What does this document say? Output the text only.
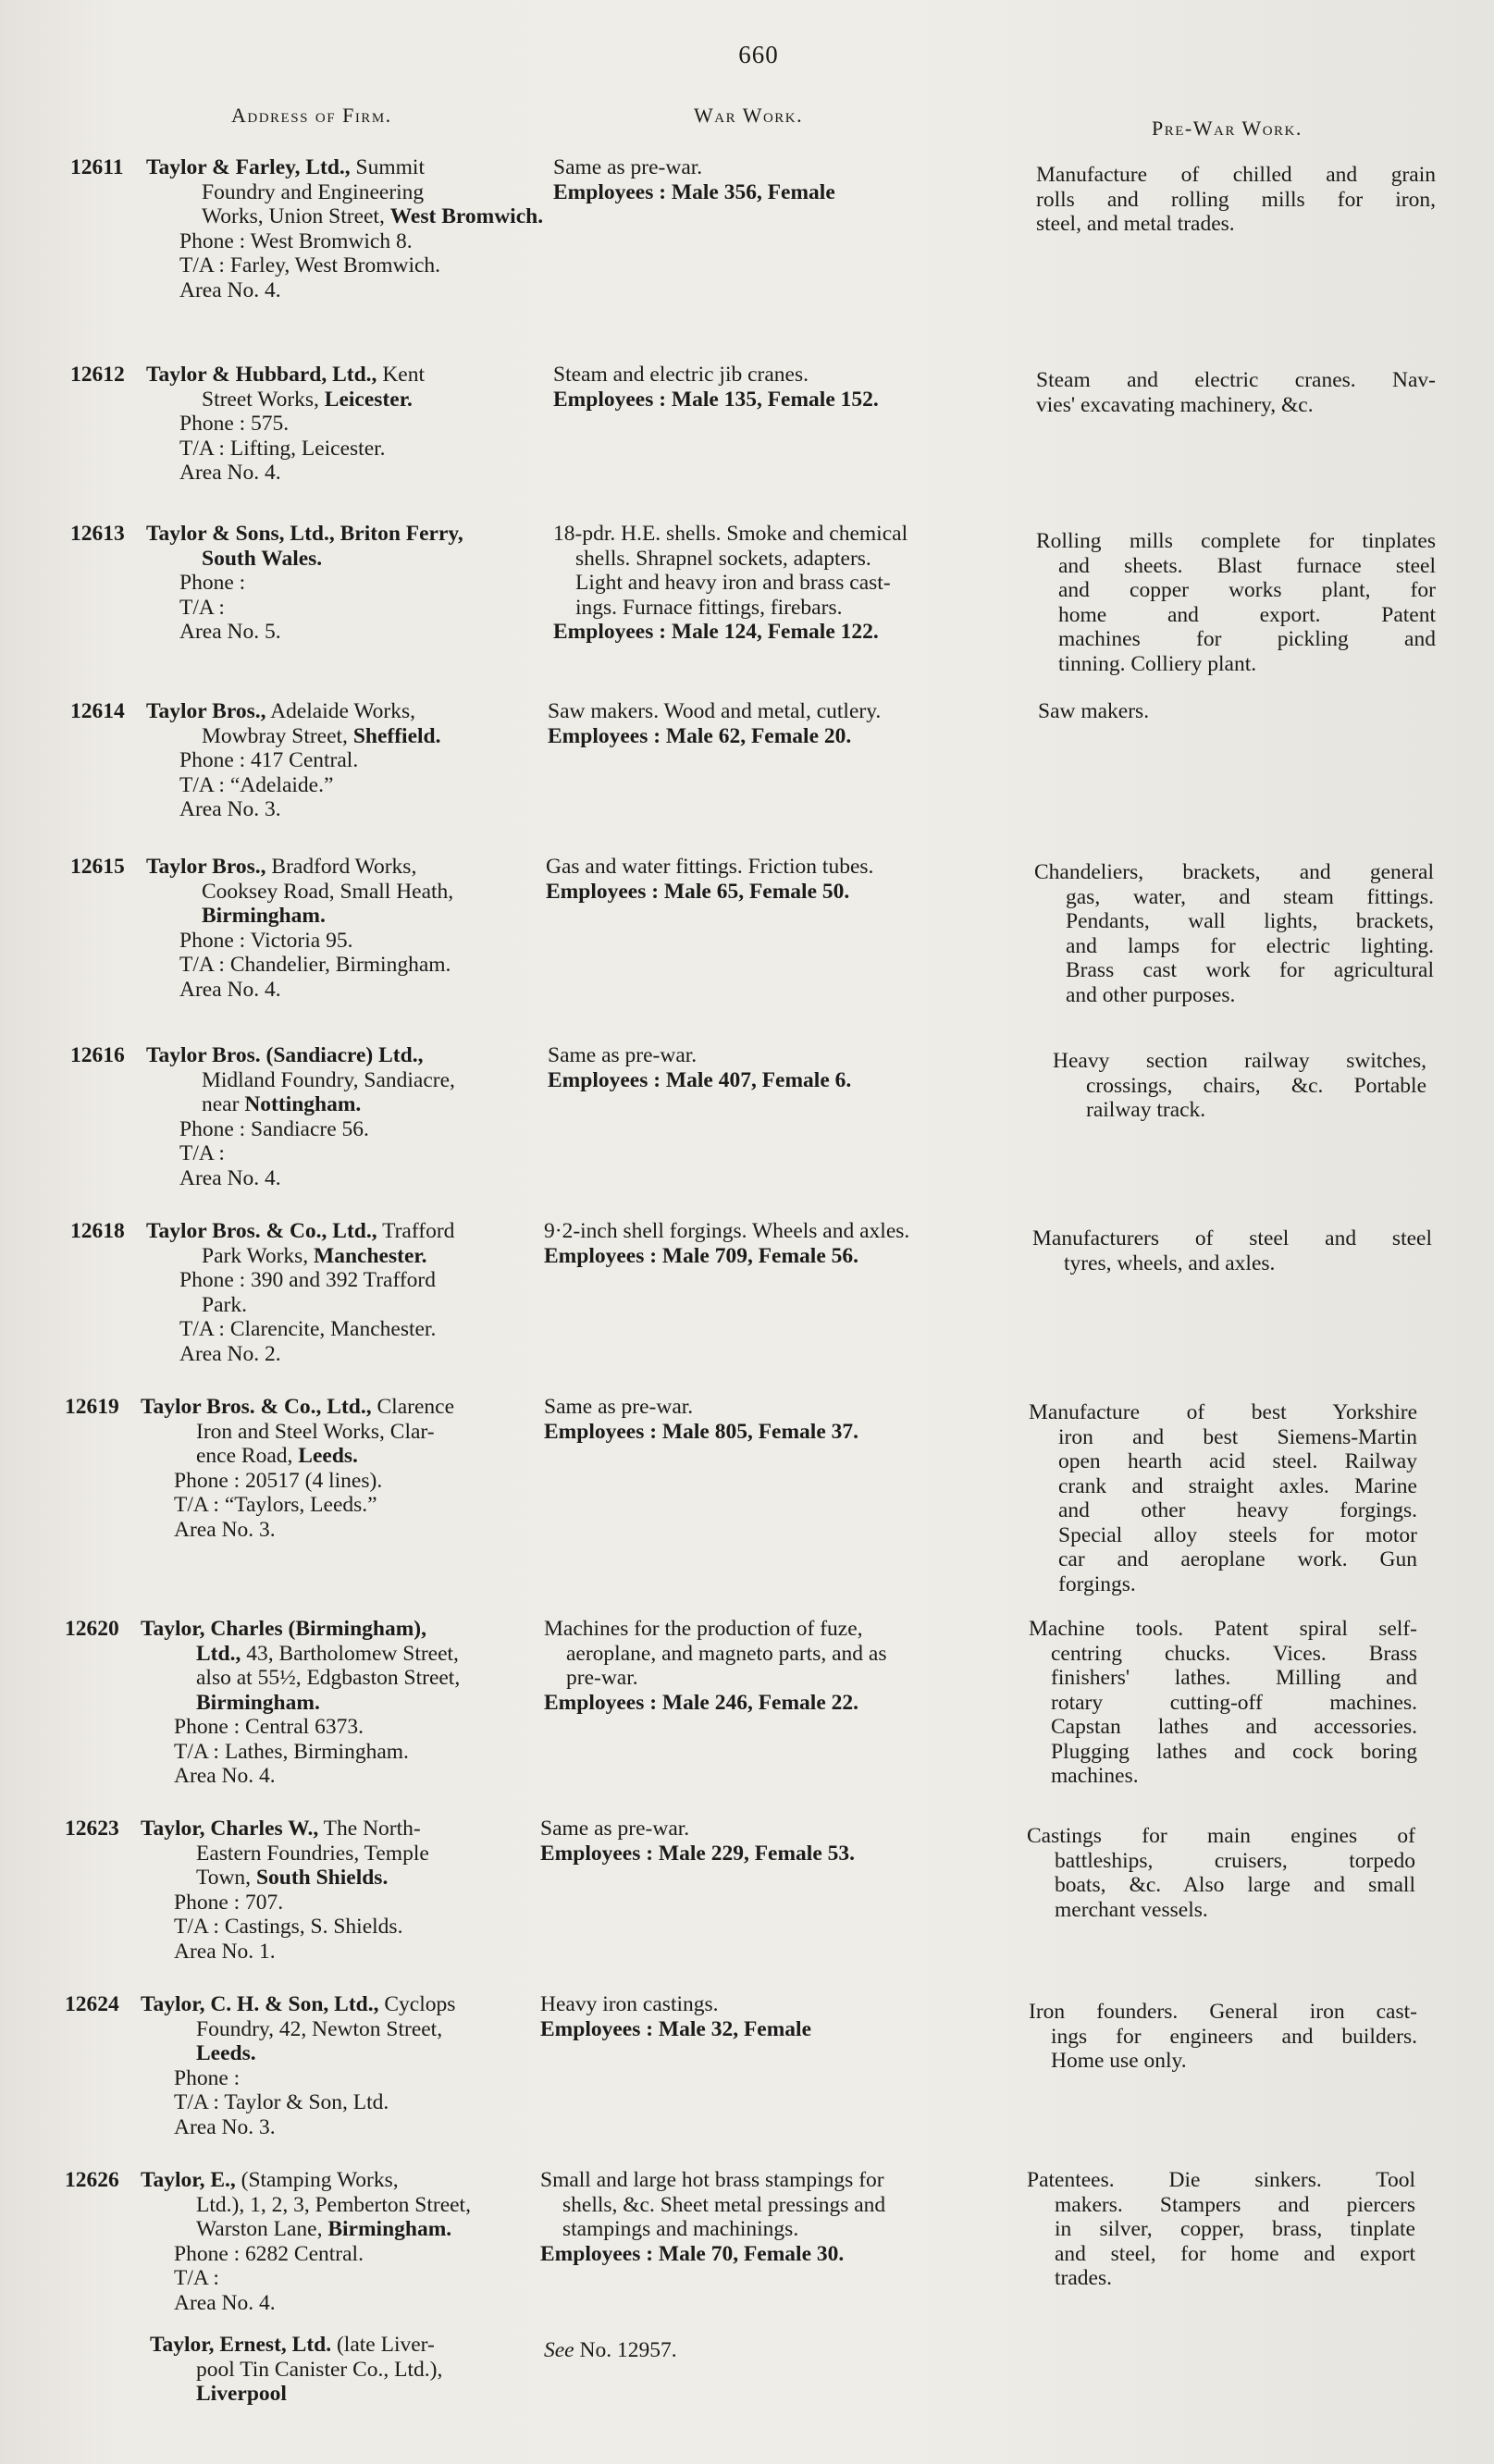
660
Address of Firm.	War Work.
Pre-War Work.
12611 Taylor & Farley, Ltd., Summit
Foundry and Engineering
Works, Union Street, West Bromwich.
Phone : West Bromwich 8.
T/A : Farley, West Bromwich.
Area No. 4.
Same as pre-war.
Employees : Male 356, Female
Manufacture of chilled and grain
rolls and rolling mills for iron,
steel, and metal trades.
12612 Taylor & Hubbard, Ltd., Kent
Street Works, Leicester.
Phone : 575.
T/A : Lifting, Leicester.
Area No. 4.
Steam and electric jib cranes.
Employees : Male 135, Female 152.
Steam and electric cranes. Nav-
vies' excavating machinery, &c.
12613 Taylor & Sons, Ltd., Briton Ferry,
South Wales.
Phone :
T/A :
Area No. 5.
18-pdr. H.E. shells. Smoke and chemical
shells. Shrapnel sockets, adapters.
Light and heavy iron and brass cast-
ings. Furnace fittings, firebars.
Employees : Male 124, Female 122.
Rolling mills complete for tinplates
and sheets. Blast furnace steel
and copper works plant, for
home and export. Patent
machines for pickling and
tinning. Colliery plant.
12614 Taylor Bros., Adelaide Works,
Mowbray Street, Sheffield.
Phone : 417 Central.
T/A : “Adelaide.”
Area No. 3.
Saw makers. Wood and metal, cutlery.
Employees : Male 62, Female 20.
Saw makers.
12615 Taylor Bros., Bradford Works,
Cooksey Road, Small Heath,
Birmingham.
Phone : Victoria 95.
T/A : Chandelier, Birmingham.
Area No. 4.
Gas and water fittings. Friction tubes.
Employees : Male 65, Female 50.
Chandeliers, brackets, and general
gas, water, and steam fittings.
Pendants, wall lights, brackets,
and lamps for electric lighting.
Brass cast work for agricultural
and other purposes.
12616 Taylor Bros. (Sandiacre) Ltd.,
Midland Foundry, Sandiacre,
near Nottingham.
Phone : Sandiacre 56.
T/A :
Area No. 4.
Same as pre-war.
Employees : Male 407, Female 6.
Heavy section railway switches,
crossings, chairs, &c. Portable
railway track.
12618 Taylor Bros. & Co., Ltd., Trafford
Park Works, Manchester.
Phone : 390 and 392 Trafford
Park.
T/A : Clarencite, Manchester.
Area No. 2.
9·2-inch shell forgings. Wheels and axles.
Employees : Male 709, Female 56.
Manufacturers of steel and steel
tyres, wheels, and axles.
12619 Taylor Bros. & Co., Ltd., Clarence
Iron and Steel Works, Clar-
ence Road, Leeds.
Phone : 20517 (4 lines).
T/A : “Taylors, Leeds.”
Area No. 3.
Same as pre-war.
Employees : Male 805, Female 37.
Manufacture of best Yorkshire
iron and best Siemens-Martin
open hearth acid steel. Railway
crank and straight axles. Marine
and other heavy forgings.
Special alloy steels for motor
car and aeroplane work. Gun
forgings.
12620 Taylor, Charles (Birmingham),
Ltd., 43, Bartholomew Street,
also at 55½, Edgbaston Street,
Birmingham.
Phone : Central 6373.
T/A : Lathes, Birmingham.
Area No. 4.
Machines for the production of fuze,
aeroplane, and magneto parts, and as
pre-war.
Employees : Male 246, Female 22.
Machine tools. Patent spiral self-
centring chucks. Vices. Brass
finishers' lathes. Milling and
rotary cutting-off machines.
Capstan lathes and accessories.
Plugging lathes and cock boring
machines.
12623 Taylor, Charles W., The North-
Eastern Foundries, Temple
Town, South Shields.
Phone : 707.
T/A : Castings, S. Shields.
Area No. 1.
Same as pre-war.
Employees : Male 229, Female 53.
Castings for main engines of
battleships, cruisers, torpedo
boats, &c. Also large and small
merchant vessels.
12624 Taylor, C. H. & Son, Ltd., Cyclops
Foundry, 42, Newton Street,
Leeds.
Phone :
T/A : Taylor & Son, Ltd.
Area No. 3.
Heavy iron castings.
Employees : Male 32, Female
Iron founders. General iron cast-
ings for engineers and builders.
Home use only.
12626 Taylor, E., (Stamping Works,
Ltd.), 1, 2, 3, Pemberton Street,
Warston Lane, Birmingham.
Phone : 6282 Central.
T/A :
Area No. 4.
Small and large hot brass stampings for
shells, &c. Sheet metal pressings and
stampings and machinings.
Employees : Male 70, Female 30.
Patentees. Die sinkers. Tool
makers. Stampers and piercers
in silver, copper, brass, tinplate
and steel, for home and export
trades.
Taylor, Ernest, Ltd. (late Liver-
pool Tin Canister Co., Ltd.),
Liverpool
See No. 12957.
